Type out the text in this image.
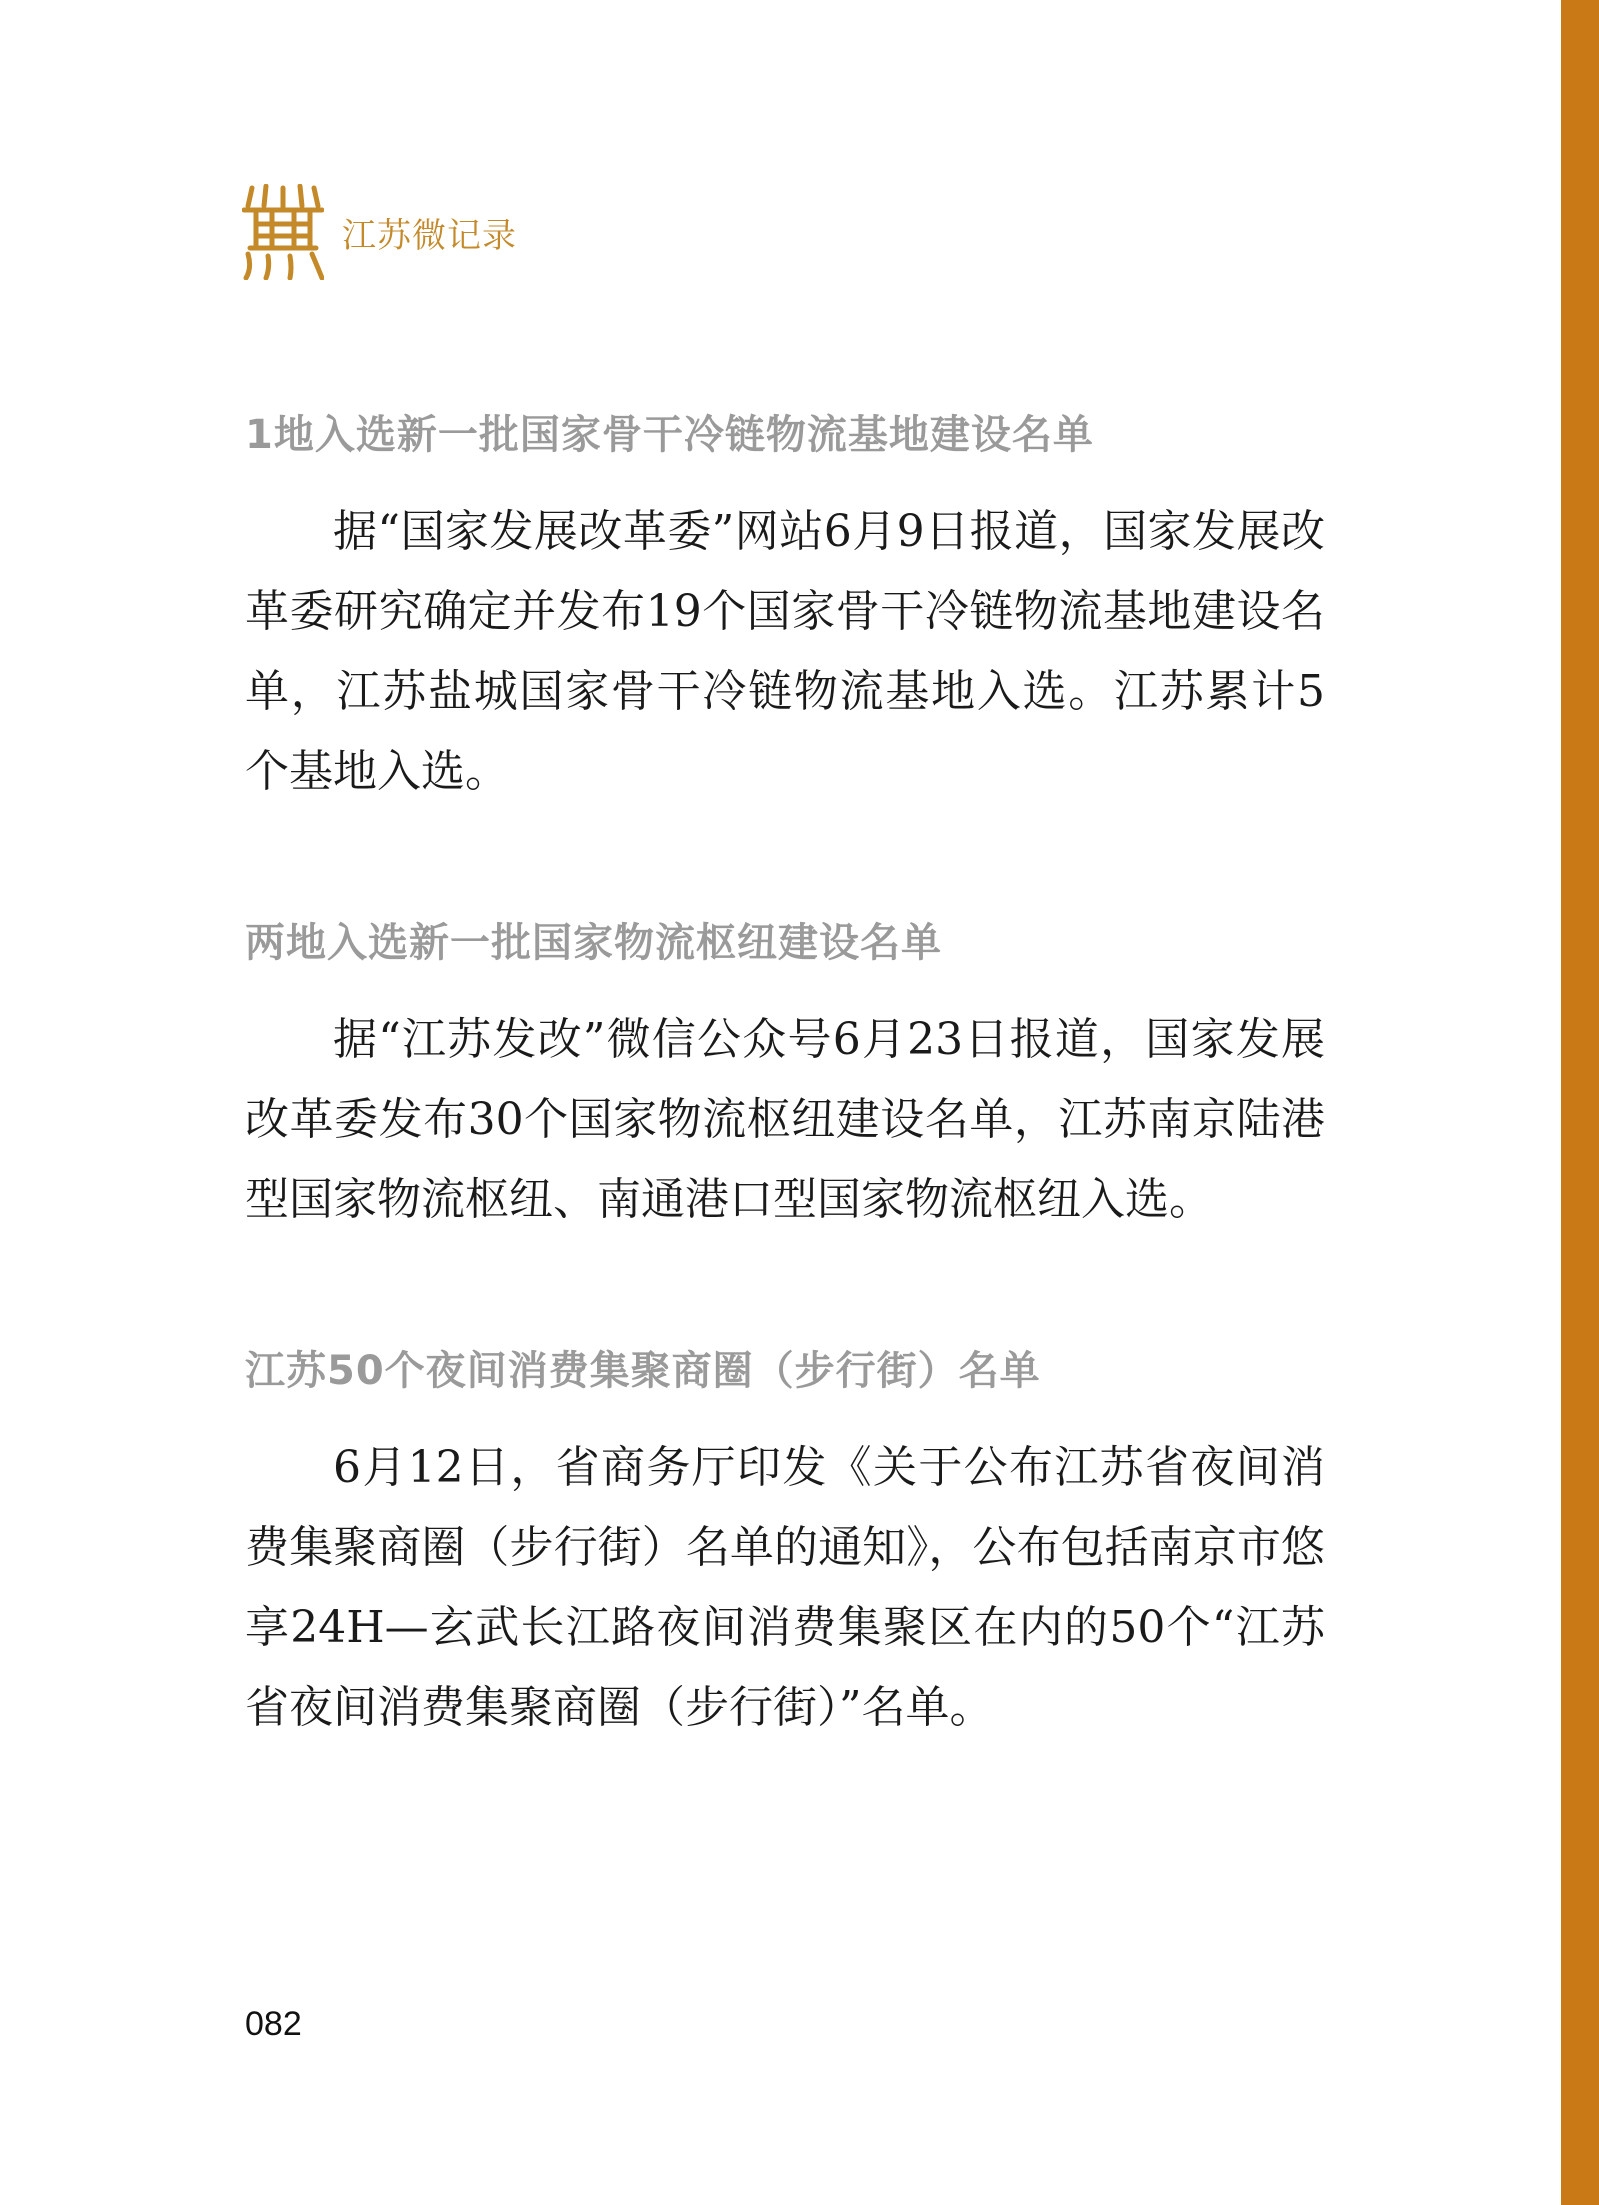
江苏微记录
1地入选新一批国家骨干冷链物流基地建设名单

据“国家发展改革委”网站6月9日报道，国家发展改革委研究确定并发布19个国家骨干冷链物流基地建设名单，江苏盐城国家骨干冷链物流基地入选。江苏累计5个基地入选。

两地入选新一批国家物流枢纽建设名单

据“江苏发改”微信公众号6月23日报道，国家发展改革委发布30个国家物流枢纽建设名单，江苏南京陆港型国家物流枢纽、南通港口型国家物流枢纽入选。

江苏50个夜间消费集聚商圈（步行街）名单

6月12日，省商务厅印发《关于公布江苏省夜间消费集聚商圈（步行街）名单的通知》，公布包括南京市悠享24H—玄武长江路夜间消费集聚区在内的50个“江苏省夜间消费集聚商圈（步行街）”名单。

082
